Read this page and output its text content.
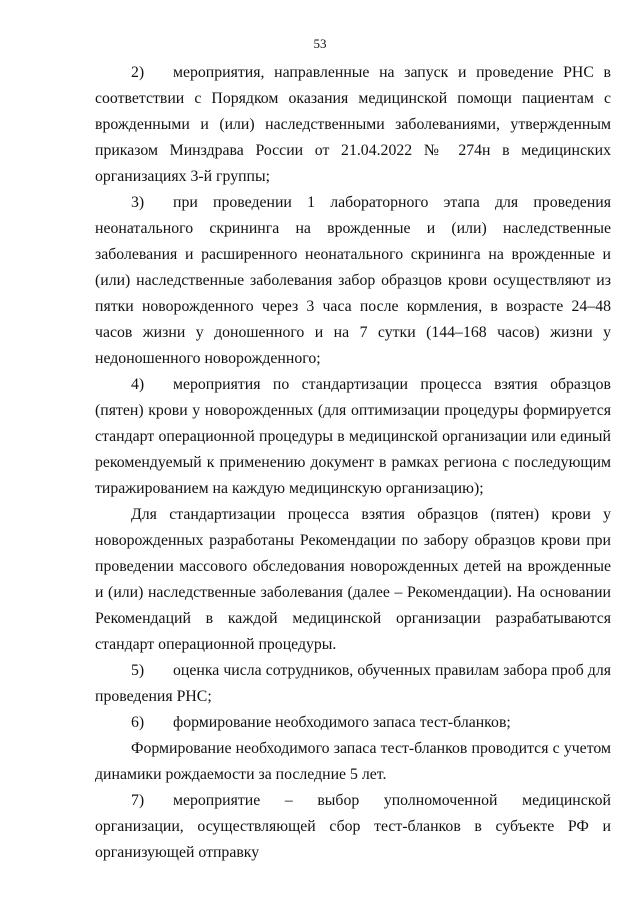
53

2) мероприятия, направленные на запуск и проведение РНС в соответствии с Порядком оказания медицинской помощи пациентам с врожденными и (или) наследственными заболеваниями, утвержденным приказом Минздрава России от 21.04.2022 № 274н в медицинских организациях 3-й группы;

3) при проведении 1 лабораторного этапа для проведения неонатального скрининга на врожденные и (или) наследственные заболевания и расширенного неонатального скрининга на врожденные и (или) наследственные заболевания забор образцов крови осуществляют из пятки новорожденного через 3 часа после кормления, в возрасте 24–48 часов жизни у доношенного и на 7 сутки (144–168 часов) жизни у недоношенного новорожденного;

4) мероприятия по стандартизации процесса взятия образцов (пятен) крови у новорожденных (для оптимизации процедуры формируется стандарт операционной процедуры в медицинской организации или единый рекомендуемый к применению документ в рамках региона с последующим тиражированием на каждую медицинскую организацию);

Для стандартизации процесса взятия образцов (пятен) крови у новорожденных разработаны Рекомендации по забору образцов крови при проведении массового обследования новорожденных детей на врожденные и (или) наследственные заболевания (далее – Рекомендации). На основании Рекомендаций в каждой медицинской организации разрабатываются стандарт операционной процедуры.

5) оценка числа сотрудников, обученных правилам забора проб для проведения РНС;

6) формирование необходимого запаса тест-бланков;

Формирование необходимого запаса тест-бланков проводится с учетом динамики рождаемости за последние 5 лет.

7) мероприятие – выбор уполномоченной медицинской организации, осуществляющей сбор тест-бланков в субъекте РФ и организующей отправку
